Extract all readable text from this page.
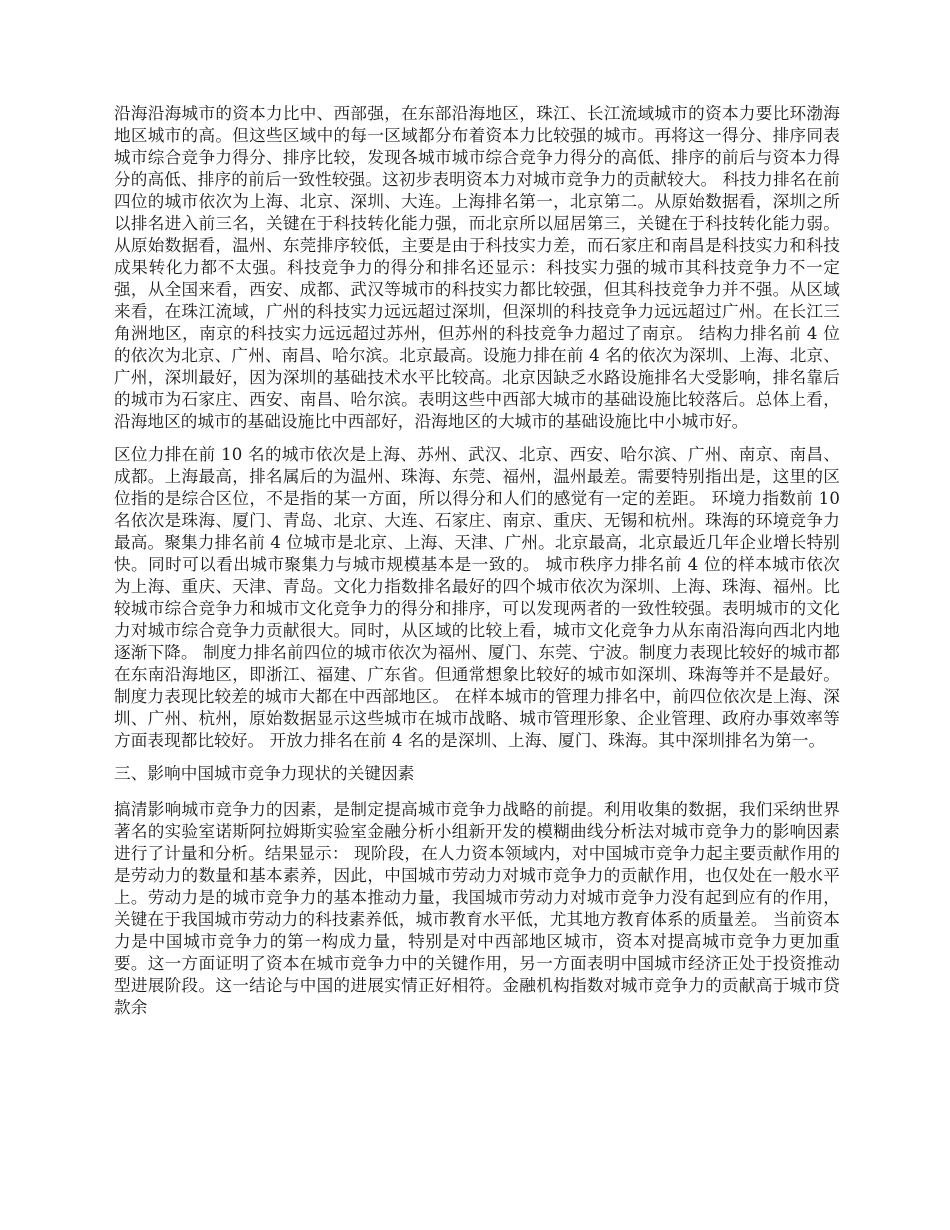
沿海沿海城市的资本力比中、西部强，在东部沿海地区，珠江、长江流域城市的资本力要比环渤海地区城市的高。但这些区域中的每一区域都分布着资本力比较强的城市。再将这一得分、排序同表城市综合竞争力得分、排序比较，发现各城市城市综合竞争力得分的高低、排序的前后与资本力得分的高低、排序的前后一致性较强。这初步表明资本力对城市竞争力的贡献较大。 科技力排名在前四位的城市依次为上海、北京、深圳、大连。上海排名第一，北京第二。从原始数据看，深圳之所以排名进入前三名，关键在于科技转化能力强，而北京所以屈居第三，关键在于科技转化能力弱。从原始数据看，温州、东莞排序较低，主要是由于科技实力差，而石家庄和南昌是科技实力和科技成果转化力都不太强。科技竞争力的得分和排名还显示：科技实力强的城市其科技竞争力不一定强，从全国来看，西安、成都、武汉等城市的科技实力都比较强，但其科技竞争力并不强。从区域来看，在珠江流域，广州的科技实力远远超过深圳，但深圳的科技竞争力远远超过广州。在长江三角洲地区，南京的科技实力远远超过苏州，但苏州的科技竞争力超过了南京。 结构力排名前 4 位的依次为北京、广州、南昌、哈尔滨。北京最高。设施力排在前 4 名的依次为深圳、上海、北京、广州，深圳最好，因为深圳的基础技术水平比较高。北京因缺乏水路设施排名大受影响，排名靠后的城市为石家庄、西安、南昌、哈尔滨。表明这些中西部大城市的基础设施比较落后。总体上看，沿海地区的城市的基础设施比中西部好，沿海地区的大城市的基础设施比中小城市好。

区位力排在前 10 名的城市依次是上海、苏州、武汉、北京、西安、哈尔滨、广州、南京、南昌、成都。上海最高，排名属后的为温州、珠海、东莞、福州，温州最差。需要特别指出是，这里的区位指的是综合区位，不是指的某一方面，所以得分和人们的感觉有一定的差距。 环境力指数前 10 名依次是珠海、厦门、青岛、北京、大连、石家庄、南京、重庆、无锡和杭州。珠海的环境竞争力最高。聚集力排名前 4 位城市是北京、上海、天津、广州。北京最高，北京最近几年企业增长特别快。同时可以看出城市聚集力与城市规模基本是一致的。 城市秩序力排名前 4 位的样本城市依次为上海、重庆、天津、青岛。文化力指数排名最好的四个城市依次为深圳、上海、珠海、福州。比较城市综合竞争力和城市文化竞争力的得分和排序，可以发现两者的一致性较强。表明城市的文化力对城市综合竞争力贡献很大。同时，从区域的比较上看，城市文化竞争力从东南沿海向西北内地逐渐下降。 制度力排名前四位的城市依次为福州、厦门、东莞、宁波。制度力表现比较好的城市都在东南沿海地区，即浙江、福建、广东省。但通常想象比较好的城市如深圳、珠海等并不是最好。制度力表现比较差的城市大都在中西部地区。 在样本城市的管理力排名中，前四位依次是上海、深圳、广州、杭州，原始数据显示这些城市在城市战略、城市管理形象、企业管理、政府办事效率等方面表现都比较好。 开放力排名在前 4 名的是深圳、上海、厦门、珠海。其中深圳排名为第一。

三、影响中国城市竞争力现状的关键因素

搞清影响城市竞争力的因素，是制定提高城市竞争力战略的前提。利用收集的数据，我们采纳世界著名的实验室诺斯阿拉姆斯实验室金融分析小组新开发的模糊曲线分析法对城市竞争力的影响因素进行了计量和分析。结果显示： 现阶段，在人力资本领域内，对中国城市竞争力起主要贡献作用的是劳动力的数量和基本素养，因此，中国城市劳动力对城市竞争力的贡献作用，也仅处在一般水平上。劳动力是的城市竞争力的基本推动力量，我国城市劳动力对城市竞争力没有起到应有的作用，关键在于我国城市劳动力的科技素养低，城市教育水平低，尤其地方教育体系的质量差。 当前资本力是中国城市竞争力的第一构成力量，特别是对中西部地区城市，资本对提高城市竞争力更加重要。这一方面证明了资本在城市竞争力中的关键作用，另一方面表明中国城市经济正处于投资推动型进展阶段。这一结论与中国的进展实情正好相符。金融机构指数对城市竞争力的贡献高于城市贷款余
